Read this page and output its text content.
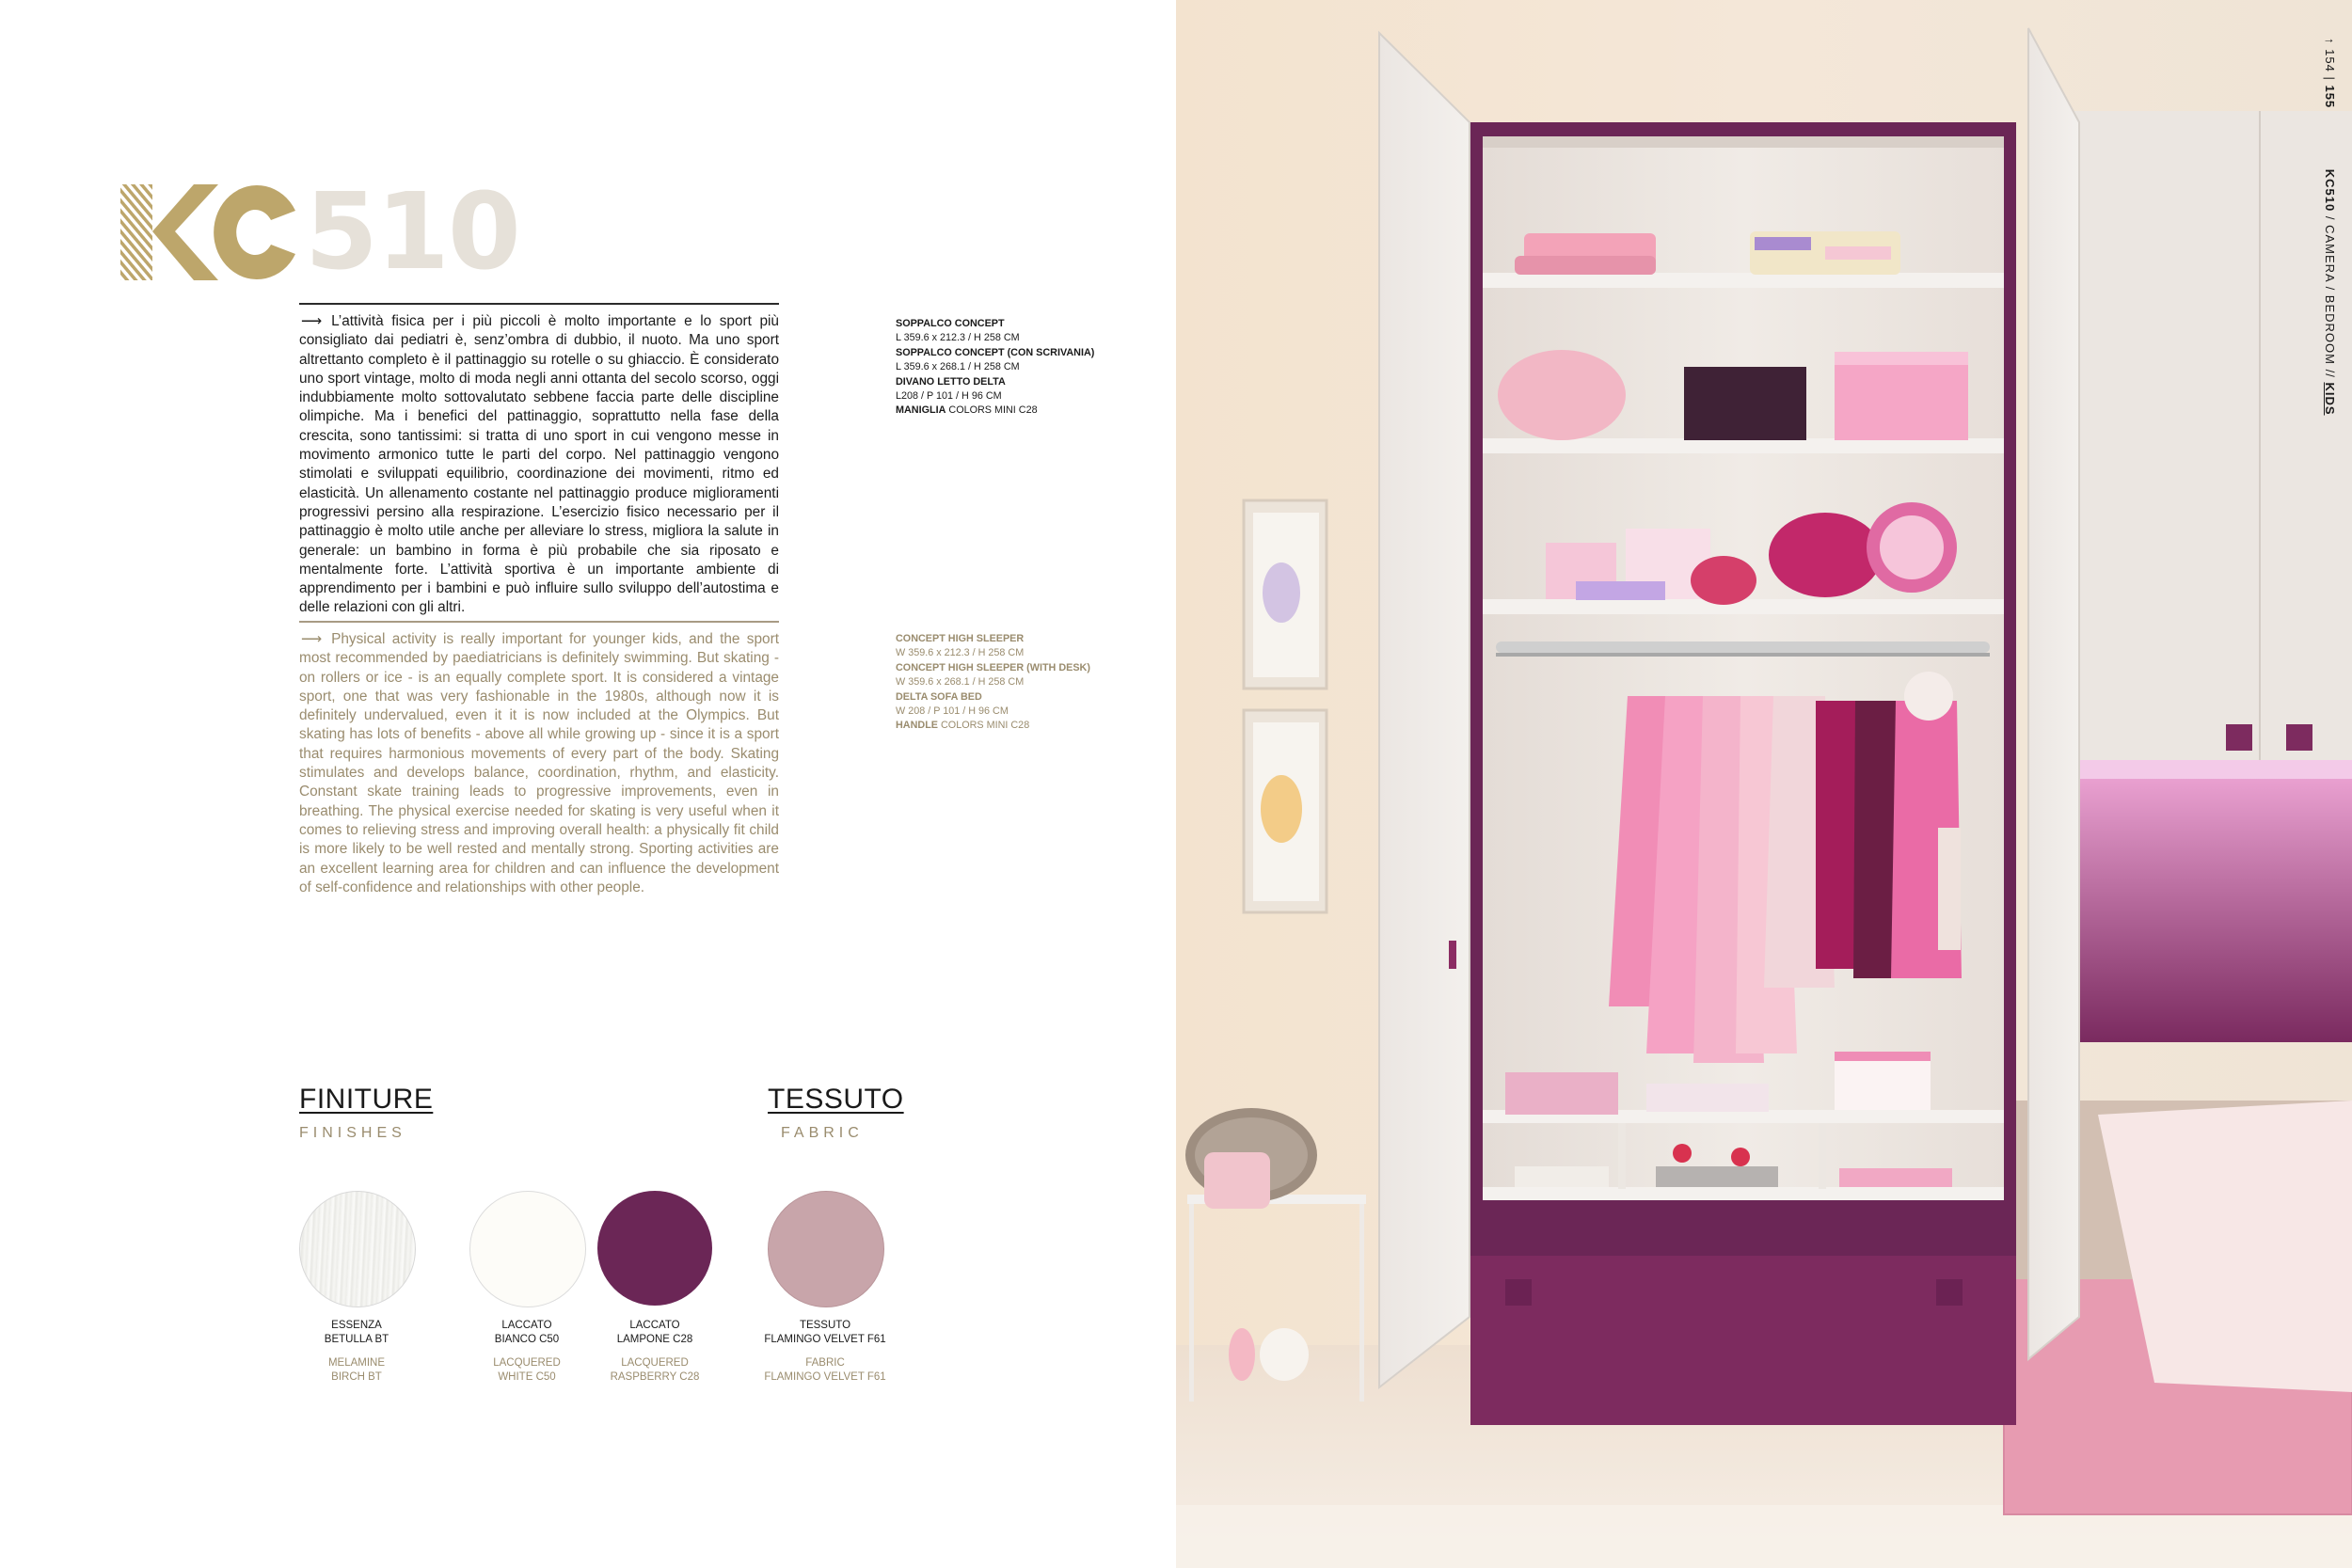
510
⟶ L’attività fisica per i più piccoli è molto importante e lo sport più consigliato dai pediatri è, senz’ombra di dubbio, il nuoto. Ma uno sport altrettanto completo è il pattinaggio su rotelle o su ghiaccio. È considerato uno sport vintage, molto di moda negli anni ottanta del secolo scorso, oggi indubbiamente molto sottovalutato sebbene faccia parte delle discipline olimpiche. Ma i benefici del pattinaggio, soprattutto nella fase della crescita, sono tantissimi: si tratta di uno sport in cui vengono messe in movimento armonico tutte le parti del corpo. Nel pattinaggio vengono stimolati e sviluppati equilibrio, coordinazione dei movimenti, ritmo ed elasticità. Un allenamento costante nel pattinaggio produce miglioramenti progressivi persino alla respirazione. L’esercizio fisico necessario per il pattinaggio è molto utile anche per alleviare lo stress, migliora la salute in generale: un bambino in forma è più probabile che sia riposato e mentalmente forte. L’attività sportiva è un importante ambiente di apprendimento per i bambini e può influire sullo sviluppo dell’autostima e delle relazioni con gli altri.
⟶ Physical activity is really important for younger kids, and the sport most recommended by paediatricians is definitely swimming. But skating - on rollers or ice - is an equally complete sport. It is considered a vintage sport, one that was very fashionable in the 1980s, although now it is definitely undervalued, even it it is now included at the Olympics. But skating has lots of benefits - above all while growing up - since it is a sport that requires harmonious movements of every part of the body. Skating stimulates and develops balance, coordination, rhythm, and elasticity. Constant skate training leads to progressive improvements, even in breathing. The physical exercise needed for skating is very useful when it comes to relieving stress and improving overall health: a physically fit child is more likely to be well rested and mentally strong. Sporting activities are an excellent learning area for children and can influence the development of self-confidence and relationships with other people.
SOPPALCO CONCEPT
L 359.6 x 212.3 / H 258 CM
SOPPALCO CONCEPT (CON SCRIVANIA)
L 359.6 x 268.1 / H 258 CM
DIVANO LETTO DELTA
L208 / P 101 / H 96 CM
MANIGLIA COLORS MINI C28
CONCEPT HIGH SLEEPER
W 359.6 x 212.3 / H 258 CM
CONCEPT HIGH SLEEPER (WITH DESK)
W 359.6 x 268.1 / H 258 CM
DELTA SOFA BED
W 208 / P 101 / H 96 CM
HANDLE COLORS MINI C28
FINITURE
FINISHES
TESSUTO
FABRIC
ESSENZA
BETULLA BT
MELAMINE
BIRCH BT
LACCATO
BIANCO C50
LACQUERED
WHITE C50
LACCATO
LAMPONE C28
LACQUERED
RASPBERRY C28
TESSUTO
FLAMINGO VELVET F61
FABRIC
FLAMINGO VELVET F61
↑ 154 | 155              KC510 / CAMERA / BEDROOM // KIDS
